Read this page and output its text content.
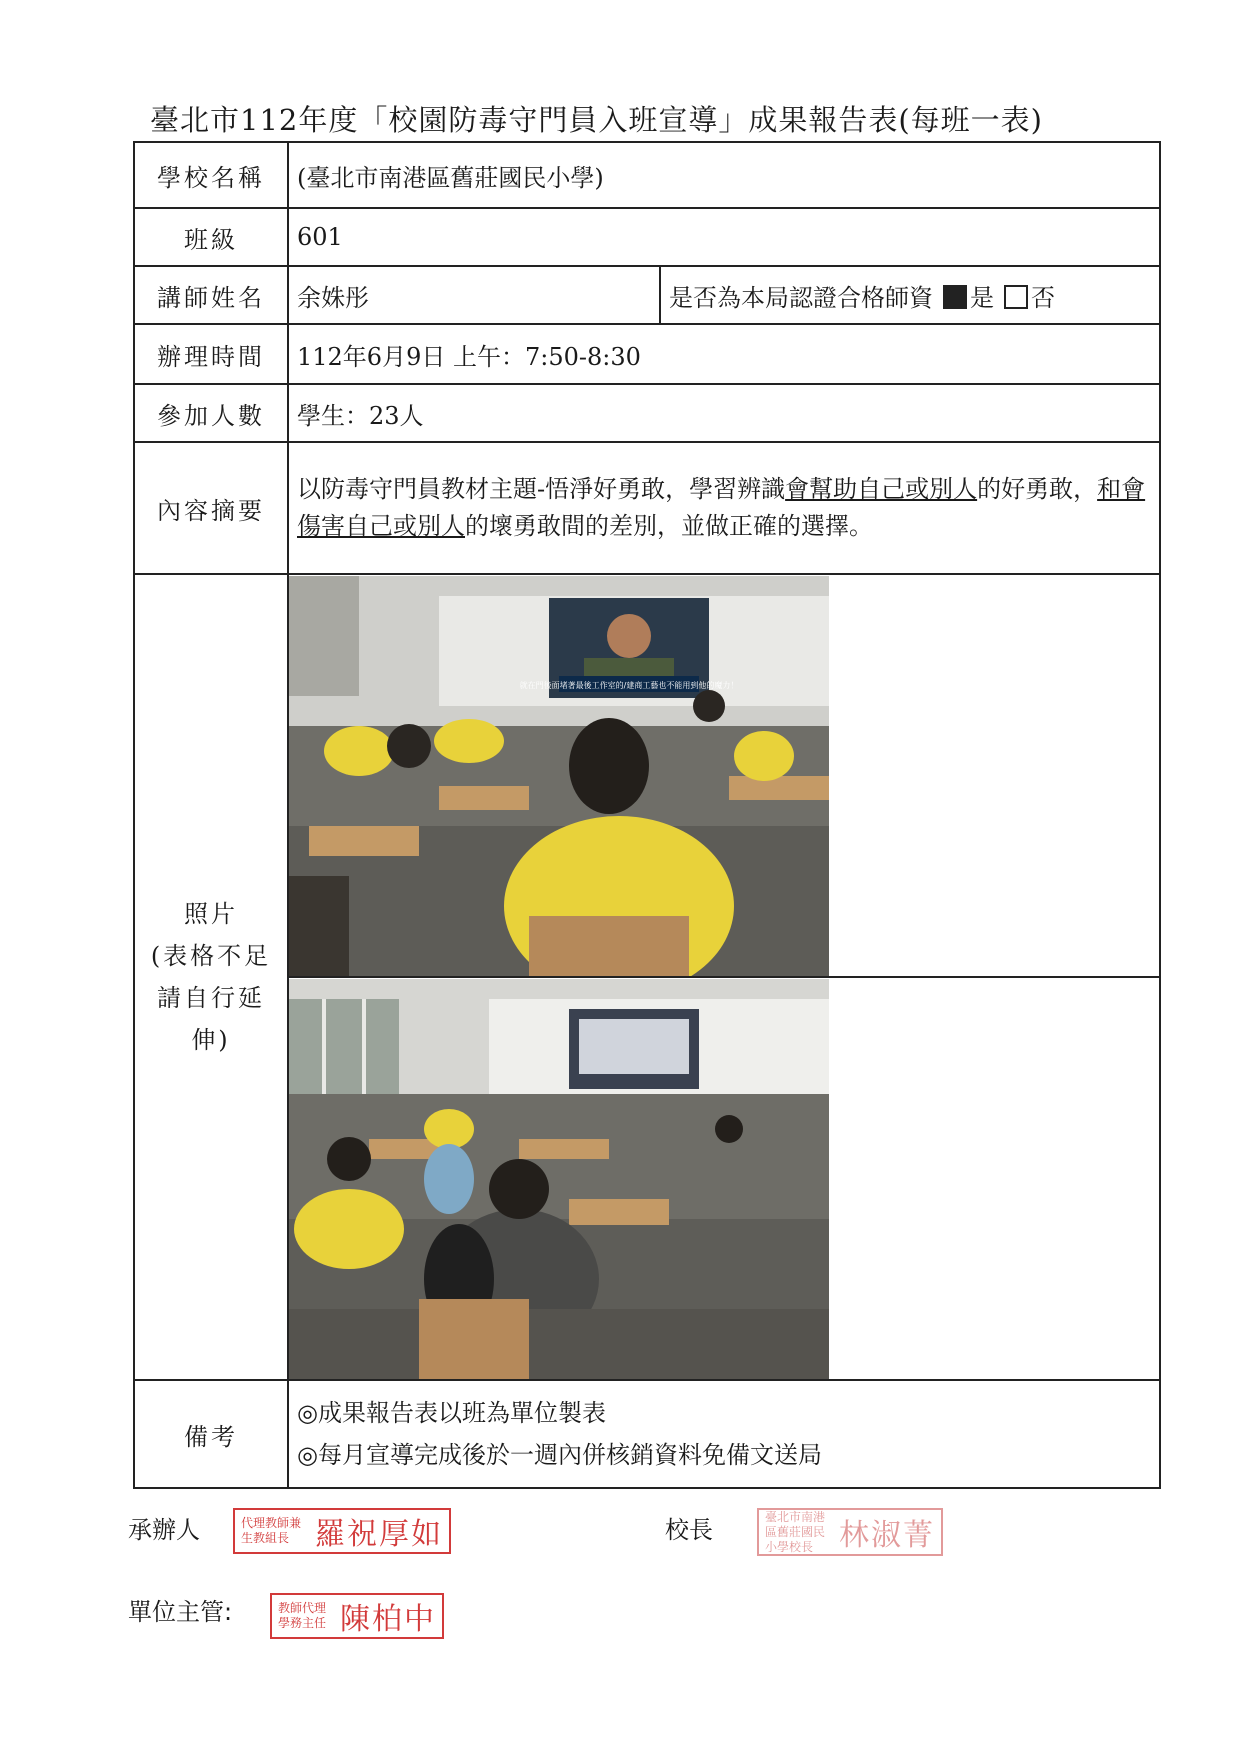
臺北市112年度「校園防毒守門員入班宣導」成果報告表(每班一表)
學校名稱	(臺北市南港區舊莊國民小學)	
班級	601	
講師姓名	余姝彤	是否為本局認證合格師資 是 否
辦理時間	112年6月9日 上午：7:50-8:30	
參加人數	學生：23人	
內容摘要	以防毒守門員教材主題-悟淨好勇敢，學習辨識會幫助自己或別人的好勇敢，和會傷害自己或別人的壞勇敢間的差別，並做正確的選擇。	

照片
(表格不足
請自行延
伸)	就在門後面堵著最後工作室的/建商工藝也不能用到他的魔力！	

備考	◎成果報告表以班為單位製表
◎每月宣導完成後於一週內併核銷資料免備文送局	
承辦人	代理教師兼生教組長 羅祝厚如	校長	臺北市南港區舊莊國民小學校長 林淑菁
單位主管:	教師代理學務主任 陳柏中
